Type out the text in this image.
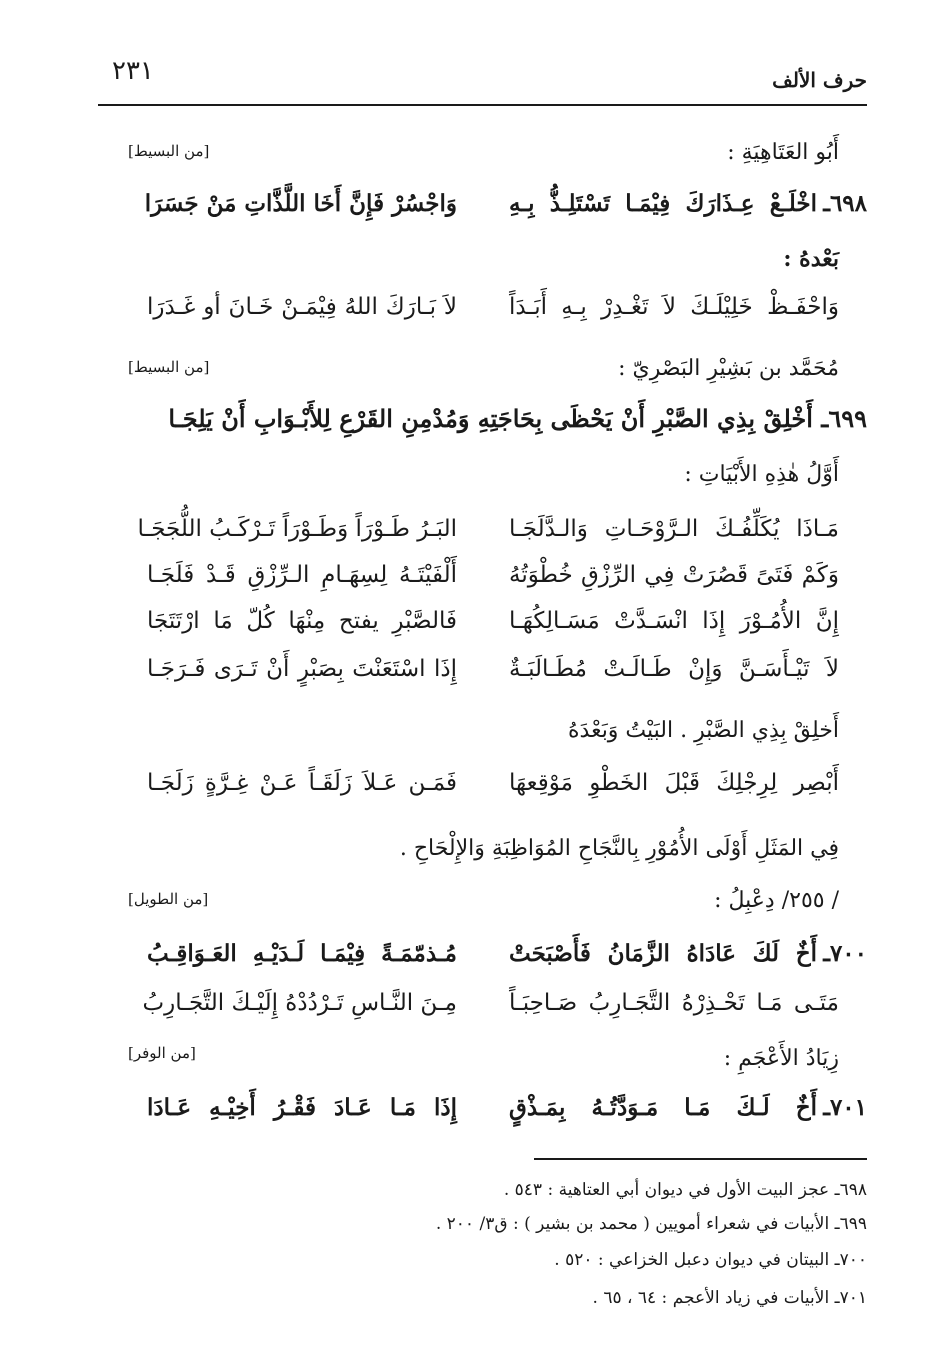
حرف الألف
٢٣١
أَبُو العَتَاهِيَةِ :
[من البسيط]
٦٩٨ـ
اخْلَـعْ عِـذَارَكَ فِيْمَـا تَسْتَلِـذُّ بِـهِ
وَاجْسُرْ فَإِنَّ أَخَا اللَّذَّاتِ مَنْ جَسَرَا
بَعْدهُ :
وَاحْفَـظْ خَلِيْلَـكَ لاَ تَغْـدِرْ بِـهِ أَبَـدَاً
لاَ بَـارَكَ اللهُ فِيْمَـنْ خَـانَ أو غَـدَرَا
مُحَمَّد بن بَشِيْرِ البَصْرِيّ :
[من البسيط]
٦٩٩ـ أَخْلِقْ بِذِي الصَّبْرِ أَنْ يَحْظَى بِحَاجَتِهِ وَمُدْمِنِ القَرْعِ لِلأَبْـوَابِ أَنْ يَلِجَـا
أَوَّلُ هٰذِهِ الأَبْيَاتِ :
مَـاذَا يُكَلِّفُـكَ الـرَّوْحَـاتِ وَالـدَّلَجَـا
البَـرُ طَـوْرَاً وَطَـوْرَاً تَـرْكَـبُ اللُّجَجَـا
وَكَمْ فَتَىً قَصُرَتْ فِي الرِّزْقِ خُطْوَتُهُ
أَلْفَيْتَـهُ لِسِهَـامِ الـرِّزْقِ قَـدْ فَلَجَـا
إِنَّ الأُمُـوْرَ إِذَا انْسَـدَّتْ مَسَـالِكُهَـا
فَالصَّبْرِ يفتح مِنْهَا كُلّ مَا ارْتَتَجَا
لاَ تَيْـأَسَـنَّ وَإِنْ طَـالَـتْ مُطَـالَبَـةٌ
إِذَا اسْتَعَنْتَ بِصَبْرٍ أَنْ تَـرَى فَـرَجَـا
أَخلِقْ بِذِي الصَّبْرِ . البَيْتُ وَبَعْدَهُ
أَبْصِر لِرِجْلِكَ قَبْلَ الخَطْوِ مَوْقِعهَا
فَمَـن عَـلاَ زَلَقَـاً عَـنْ غِـرَّةٍ زَلَجَـا
فِي المَثَلِ أَوْلَى الأُمُوْرِ بِالنَّجَاحِ المُوَاظِبَةِ وَالإِلْحَاحِ .
/ ٢٥٥/ دِعْبِلُ :
[من الطويل]
٧٠٠ـ
أَخٌ لَكَ عَادَاهُ الزَّمَانُ فَأَصْبَحَتْ
مُـذمّمَـةً فِيْمَـا لَـدَيْـهِ العَـوَاقِـبُ
مَتَـى مَـا تَحْـذِرْهُ التَّجَـارِبُ صَـاحِبَـاً
مِـنَ النَّـاسِ تَـرْدُدْهُ إِلَيْـكَ التَّجَـارِبُ
زِيَادُ الأَعْجَمِ :
[من الوفر]
٧٠١ـ
أَخٌ لَـكَ مَـا مَـوَدَّتُـهُ بِمَـذْقٍ
إِذَا مَـا عَـادَ فَقْـرُ أَخِيْـهِ عَـادَا
٦٩٨ـ عجز البيت الأول في ديوان أبي العتاهية : ٥٤٣ .
٦٩٩ـ الأبيات في شعراء أمويين ( محمد بن بشير ) : ق٣/ ٢٠٠ .
٧٠٠ـ البيتان في ديوان دعبل الخزاعي : ٥٢٠ .
٧٠١ـ الأبيات في زياد الأعجم : ٦٤ ، ٦٥ .
